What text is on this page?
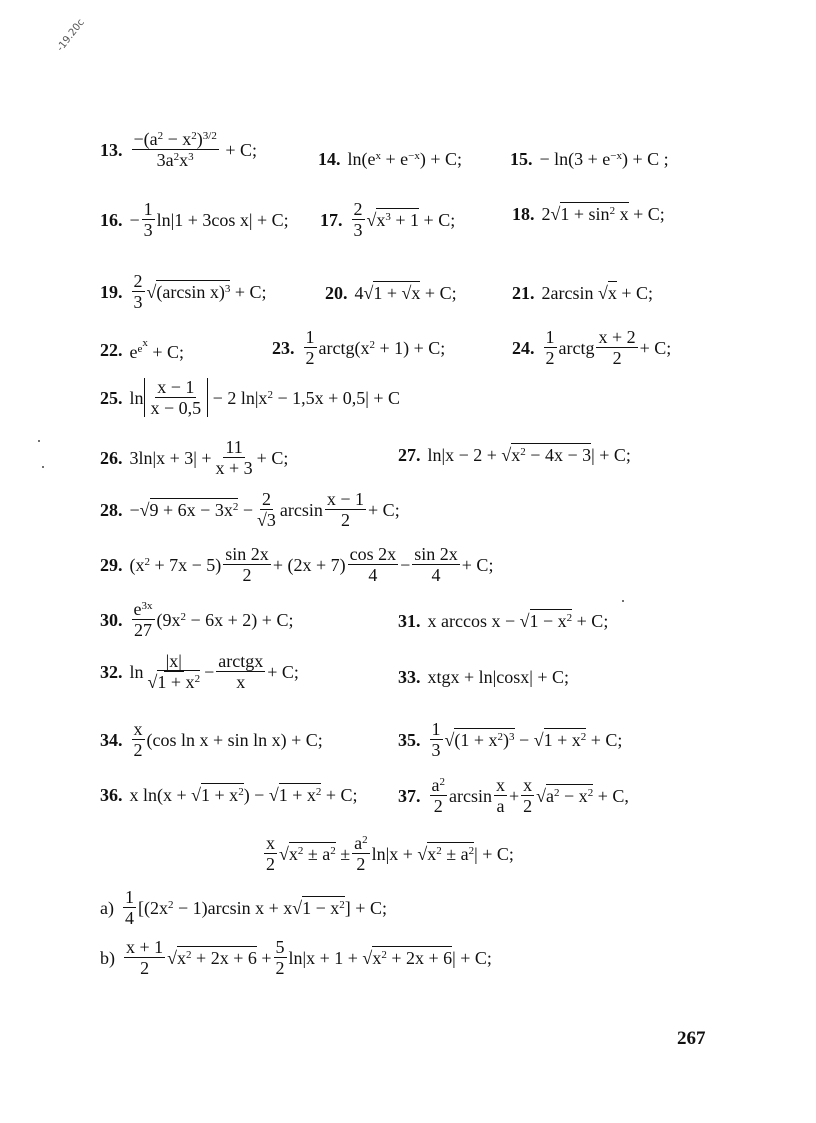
-19.20с
13. $\frac{-(a^2 - x^2)^{3/2}}{3a^2x^3} + C$;	14. $\ln(e^x + e^{-x}) + C$;	15. − $\ln(3 + e^{-x}) + C$ ;
16. − $\frac{1}{3} \ln|1 + 3\cos$ x| + C; 17. $\frac{2}{3} √x^3 + 1 + C$;	18. $2√1 + \sin^2 x + C$;
19. $\frac{2}{3} √(\arcsin$ x)$^3$ + C;	20. 4√1 + √x + C;	21. 2arcsin √x + C;
22. $e^{e^x} + C$;	23. $\frac{1}{2}$ $arctg(x^2 + 1) + C$;	24. $\frac{1}{2}$ arctg $\frac{x + 2}{2} + C$;
25. $\ln \frac{x - 1}{x - 0,5} - 2$ $\ln|x^2 - 1,5x + 0,5| + C$
26. $3\ln|x + 3| + \frac{11}{x + 3} + C$;	27. $\ln|x - 2 + √x^2 - 4x - 3| + C$;
28. $-√9 + 6x - 3x^2 - \frac{2}{√3}$ $\arcsin \frac{x - 1}{2} + C$;
29. $(x^2 + 7x - 5) \frac{\sin 2x}{2} + (2x + 7) \frac{\cos 2x}{4} - \frac{\sin 2x}{4} + C$;
30. $\frac{e^{3x}}{27} (9x^2 - 6x + 2) + C$;	31. x $\arccos x - √1 - x^2 + C$;
32. $\ln \frac{|x|}{√1 + x^2} - \frac{\text{arctgx}}{x} + C$;	33. xtgx + ln|cosx| + C;
34. $\frac{x}{2} (\cos$ ln x + sin ln x) + C;	35. $\frac{1}{3} √(1 + x^2)^3 - √1 + x^2 + C$;
36. x $\ln(x + √1 + x^2) - √1 + x^2 + C$; 37. $\frac{a^2}{2}$ $\arcsin \frac{x}{a} + \frac{x}{2} √a^2 - x^2 + C$,
$\frac{x}{2} √x^2 \pm a^2 \pm \frac{a^2}{2} \ln|x + √x^2 \pm a^2| + C$;
$a) \frac{1}{4} [(2x^2 - 1)\arcsin$ $x + x√1 - x^2] + C$;
$b) \frac{x + 1}{2} √x^2 + 2x + 6 + \frac{5}{2} \ln|x + 1 + √x^2 + 2x + 6| + C$;
267
